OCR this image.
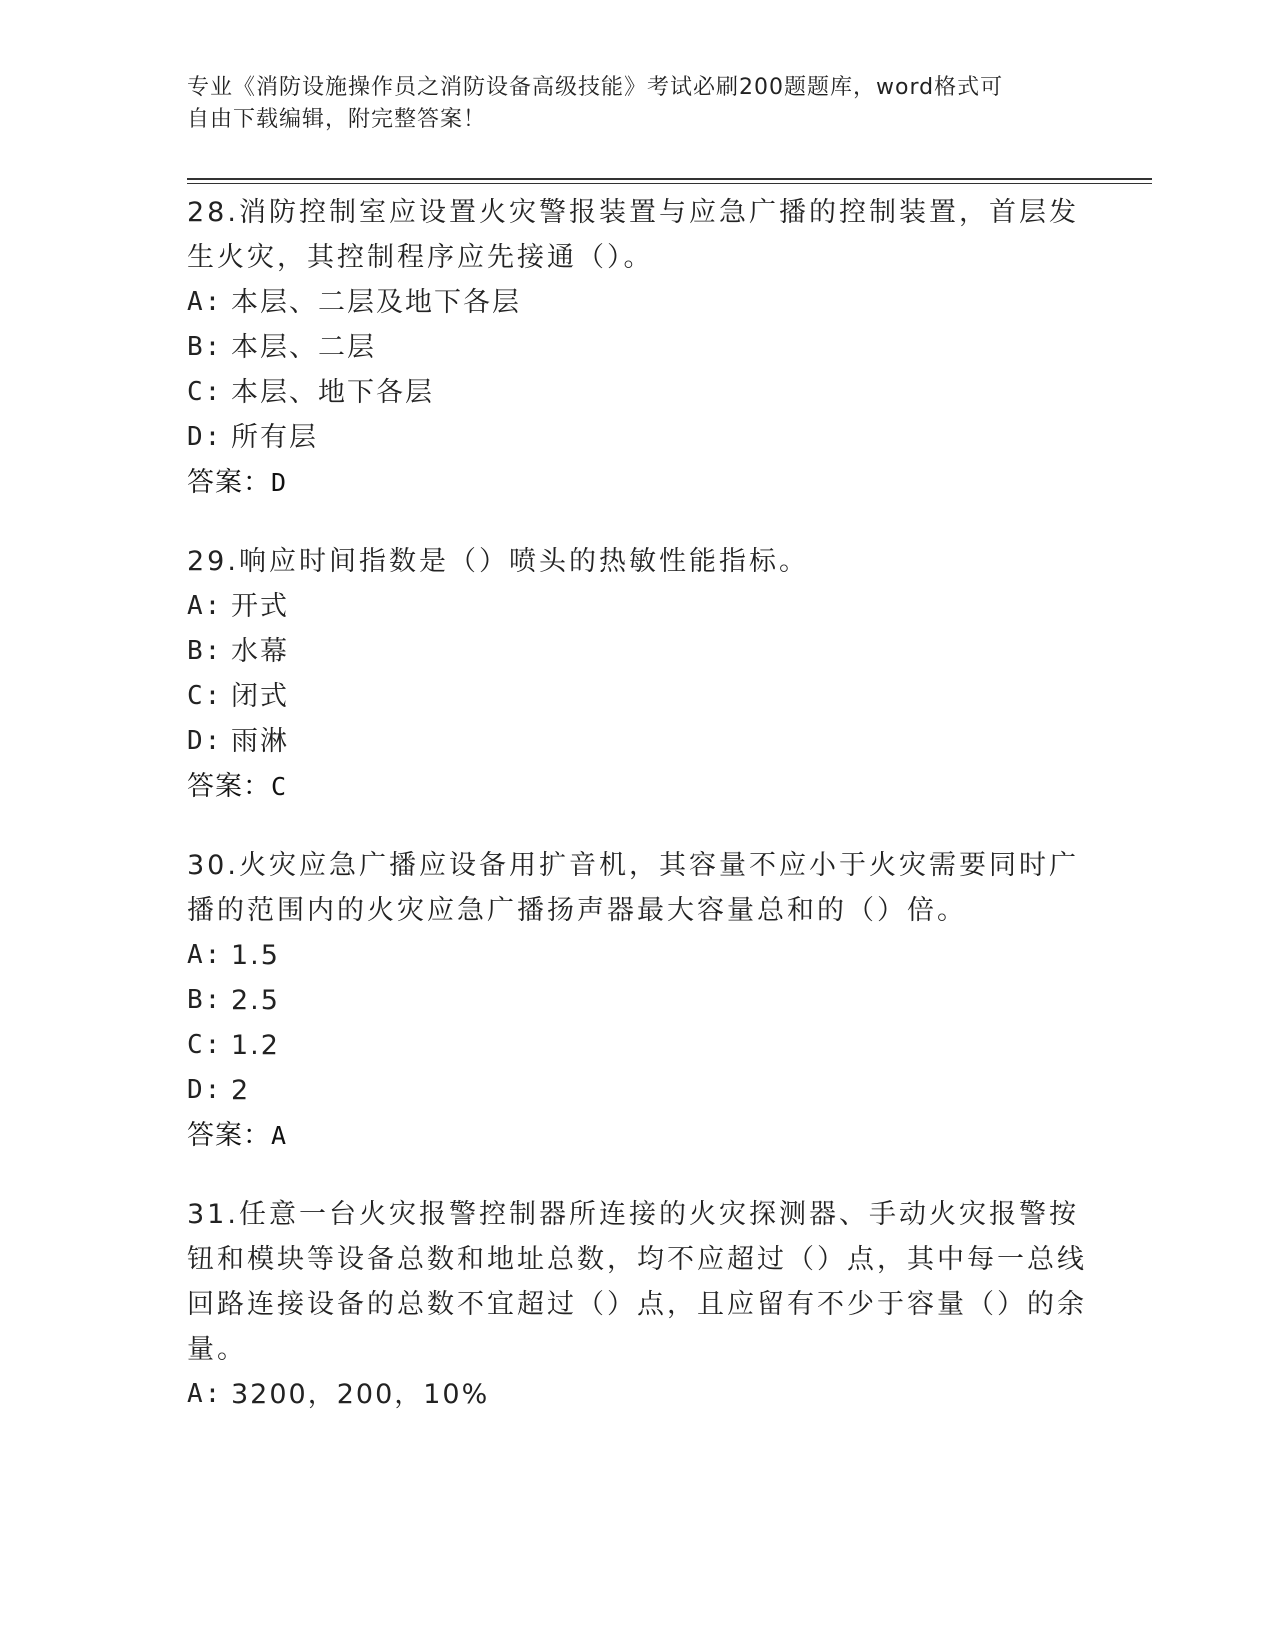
专业《消防设施操作员之消防设备高级技能》考试必刷200题题库，word格式可
自由下载编辑，附完整答案！
28.消防控制室应设置火灾警报装置与应急广播的控制装置，首层发生火灾，其控制程序应先接通（）。
A: 本层、二层及地下各层
B: 本层、二层
C: 本层、地下各层
D: 所有层
答案：D
29.响应时间指数是（）喷头的热敏性能指标。
A: 开式
B: 水幕
C: 闭式
D: 雨淋
答案：C
30.火灾应急广播应设备用扩音机，其容量不应小于火灾需要同时广播的范围内的火灾应急广播扬声器最大容量总和的（）倍。
A: 1.5
B: 2.5
C: 1.2
D: 2
答案：A
31.任意一台火灾报警控制器所连接的火灾探测器、手动火灾报警按钮和模块等设备总数和地址总数，均不应超过（）点，其中每一总线回路连接设备的总数不宜超过（）点，且应留有不少于容量（）的余量。
A: 3200，200，10%
